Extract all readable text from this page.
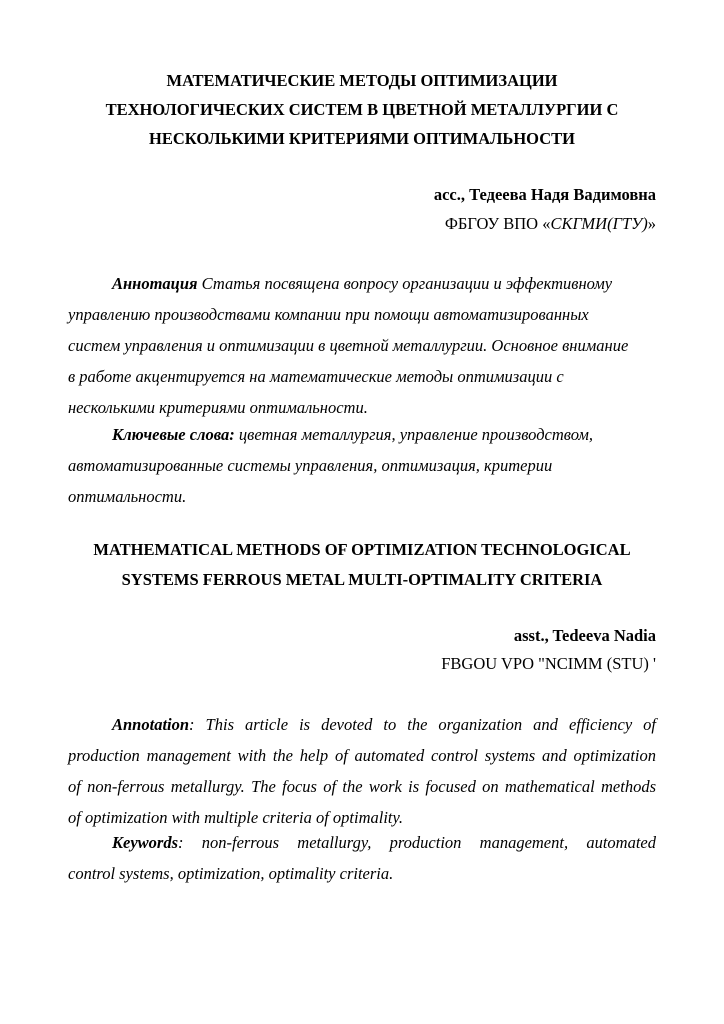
МАТЕМАТИЧЕСКИЕ МЕТОДЫ ОПТИМИЗАЦИИ
ТЕХНОЛОГИЧЕСКИХ СИСТЕМ В ЦВЕТНОЙ МЕТАЛЛУРГИИ С
НЕСКОЛЬКИМИ КРИТЕРИЯМИ ОПТИМАЛЬНОСТИ
асс., Тедеева Надя Вадимовна
ФБГОУ ВПО «СКГМИ(ГТУ)»
Аннотация Статья посвящена вопросу организации и эффективному
управлению производствами компании при помощи автоматизированных
систем управления и оптимизации в цветной металлургии. Основное внимание
в работе акцентируется на математические методы оптимизации с
несколькими критериями оптимальности.
Ключевые слова: цветная металлургия, управление производством,
автоматизированные системы управления, оптимизация, критерии
оптимальности.
MATHEMATICAL METHODS OF OPTIMIZATION TECHNOLOGICAL
SYSTEMS FERROUS METAL MULTI-OPTIMALITY CRITERIA
asst., Tedeeva Nadia
FBGOU VPO "NCIMM (STU) '
Annotation: This article is devoted to the organization and efficiency of
production management with the help of automated control systems and optimization
of non-ferrous metallurgy. The focus of the work is focused on mathematical methods
of optimization with multiple criteria of optimality.
Keywords: non-ferrous metallurgy, production management, automated
control systems, optimization, optimality criteria.
